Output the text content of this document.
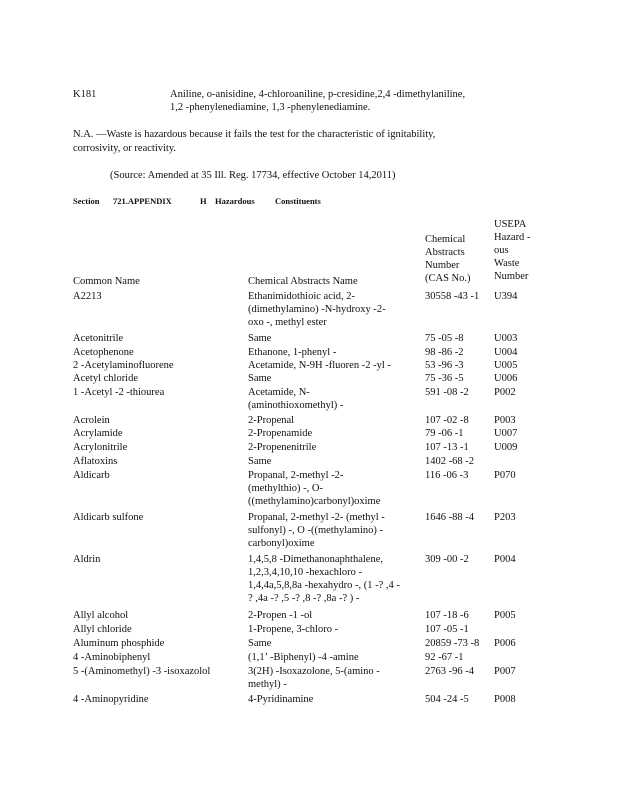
K181	Aniline, o-anisidine, 4-chloroaniline, p-cresidine,2,4 -dimethylaniline,
1,2 -phenylenediamine, 1,3 -phenylenediamine.
N.A. —Waste is hazardous because it fails the test for the characteristic of ignitability,
corrosivity, or reactivity.
(Source: Amended at 35 Ill. Reg. 17734, effective October 14,2011)
Section 721.APPENDIX	H Hazardous Constituents
USEPA
Hazard -
ous
Waste
Number
Chemical
Abstracts
Number
(CAS No.)
Common Name	Chemical Abstracts Name
A2213	Ethanimidothioic acid, 2-
(dimethylamino) -N-hydroxy -2-
oxo -, methyl ester
30558 -43 -1 U394
Acetonitrile	Same	75 -05 -8	U003
Acetophenone	Ethanone, 1-phenyl -	98 -86 -2	U004
2 -Acetylaminofluorene	Acetamide, N-9H -fluoren -2 -yl -	53 -96 -3	U005
Acetyl chloride	Same	75 -36 -5	U006
1 -Acetyl -2 -thiourea	Acetamide, N-
(aminothioxomethyl) -
591 -08 -2 P002
Acrolein	2-Propenal	107 -02 -8 P003
Acrylamide	2-Propenamide	79 -06 -1	U007
Acrylonitrile	2-Propenenitrile	107 -13 -1 U009
Aflatoxins	Same	1402 -68 -2
Aldicarb	Propanal, 2-methyl -2-
(methylthio) -, O-
((methylamino)carbonyl)oxime
116 -06 -3 P070
Aldicarb sulfone	Propanal, 2-methyl -2- (methyl -
sulfonyl) -, O -((methylamino) -
carbonyl)oxime
1646 -88 -4 P203
Aldrin	1,4,5,8 -Dimethanonaphthalene,
1,2,3,4,10,10 -hexachloro -
1,4,4a,5,8,8a -hexahydro -, (1 -? ,4 -
? ,4a -? ,5 -? ,8 -? ,8a -? ) -
309 -00 -2 P004
Allyl alcohol	2-Propen -1 -ol	107 -18 -6 P005
Allyl chloride	1-Propene, 3-chloro -	107 -05 -1
Aluminum phosphide	Same	20859 -73 -8 P006
4 -Aminobiphenyl	(1,1’ -Biphenyl) -4 -amine	92 -67 -1
5 -(Aminomethyl) -3 -isoxazolol	3(2H) -Isoxazolone, 5-(amino -
methyl) -
2763 -96 -4 P007
4 -Aminopyridine	4-Pyridinamine	504 -24 -5 P008
